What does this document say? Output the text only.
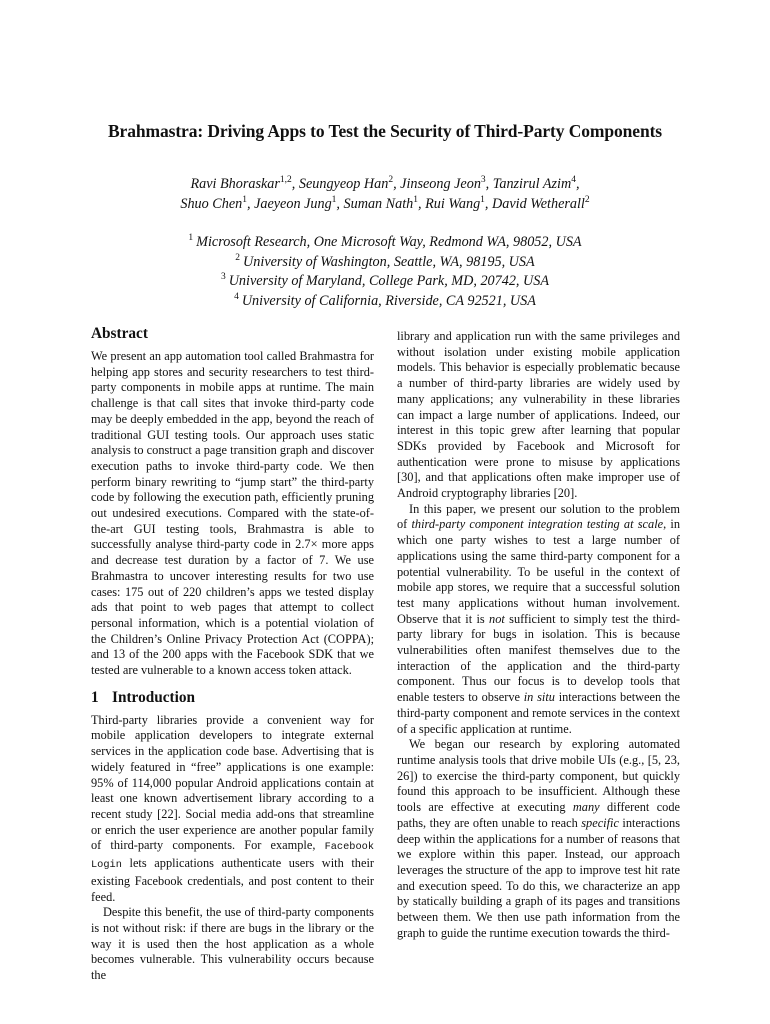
Brahmastra: Driving Apps to Test the Security of Third-Party Components
Ravi Bhoraskar$^{1,2}$, Seungyeop Han$^2$, Jinseong Jeon$^3$, Tanzirul Azim$^4$,
Shuo Chen$^1$, Jaeyeon Jung$^1$, Suman Nath$^1$, Rui Wang$^1$, David Wetherall$^2$
$^1$ Microsoft Research, One Microsoft Way, Redmond WA, 98052, USA
$^2$ University of Washington, Seattle, WA, 98195, USA
$^3$ University of Maryland, College Park, MD, 20742, USA
$^4$ University of California, Riverside, CA 92521, USA
Abstract

We present an app automation tool called Brahmastra for helping app stores and security researchers to test third-party components in mobile apps at runtime. The main challenge is that call sites that invoke third-party code may be deeply embedded in the app, beyond the reach of traditional GUI testing tools. Our approach uses static analysis to construct a page transition graph and discover execution paths to invoke third-party code. We then perform binary rewriting to “jump start” the third-party code by following the execution path, efficiently pruning out undesired executions. Compared with the state-of-the-art GUI testing tools, Brahmastra is able to successfully analyse third-party code in 2.7× more apps and decrease test duration by a factor of 7. We use Brahmastra to uncover interesting results for two use cases: 175 out of 220 children’s apps we tested display ads that point to web pages that attempt to collect personal information, which is a potential violation of the Children’s Online Privacy Protection Act (COPPA); and 13 of the 200 apps with the Facebook SDK that we tested are vulnerable to a known access token attack.

1 Introduction

Third-party libraries provide a convenient way for mobile application developers to integrate external services in the application code base. Advertising that is widely featured in “free” applications is one example: 95% of 114,000 popular Android applications contain at least one known advertisement library according to a recent study [22]. Social media add-ons that streamline or enrich the user experience are another popular family of third-party components. For example, Facebook Login lets applications authenticate users with their existing Facebook credentials, and post content to their feed.

Despite this benefit, the use of third-party components is not without risk: if there are bugs in the library or the way it is used then the host application as a whole becomes vulnerable. This vulnerability occurs because the

library and application run with the same privileges and without isolation under existing mobile application models. This behavior is especially problematic because a number of third-party libraries are widely used by many applications; any vulnerability in these libraries can impact a large number of applications. Indeed, our interest in this topic grew after learning that popular SDKs provided by Facebook and Microsoft for authentication were prone to misuse by applications [30], and that applications often make improper use of Android cryptography libraries [20].

In this paper, we present our solution to the problem of third-party component integration testing at scale, in which one party wishes to test a large number of applications using the same third-party component for a potential vulnerability. To be useful in the context of mobile app stores, we require that a successful solution test many applications without human involvement. Observe that it is not sufficient to simply test the third-party library for bugs in isolation. This is because vulnerabilities often manifest themselves due to the interaction of the application and the third-party component. Thus our focus is to develop tools that enable testers to observe in situ interactions between the third-party component and remote services in the context of a specific application at runtime.

We began our research by exploring automated runtime analysis tools that drive mobile UIs (e.g., [5, 23, 26]) to exercise the third-party component, but quickly found this approach to be insufficient. Although these tools are effective at executing many different code paths, they are often unable to reach specific interactions deep within the applications for a number of reasons that we explore within this paper. Instead, our approach leverages the structure of the app to improve test hit rate and execution speed. To do this, we characterize an app by statically building a graph of its pages and transitions between them. We then use path information from the graph to guide the runtime execution towards the third-
